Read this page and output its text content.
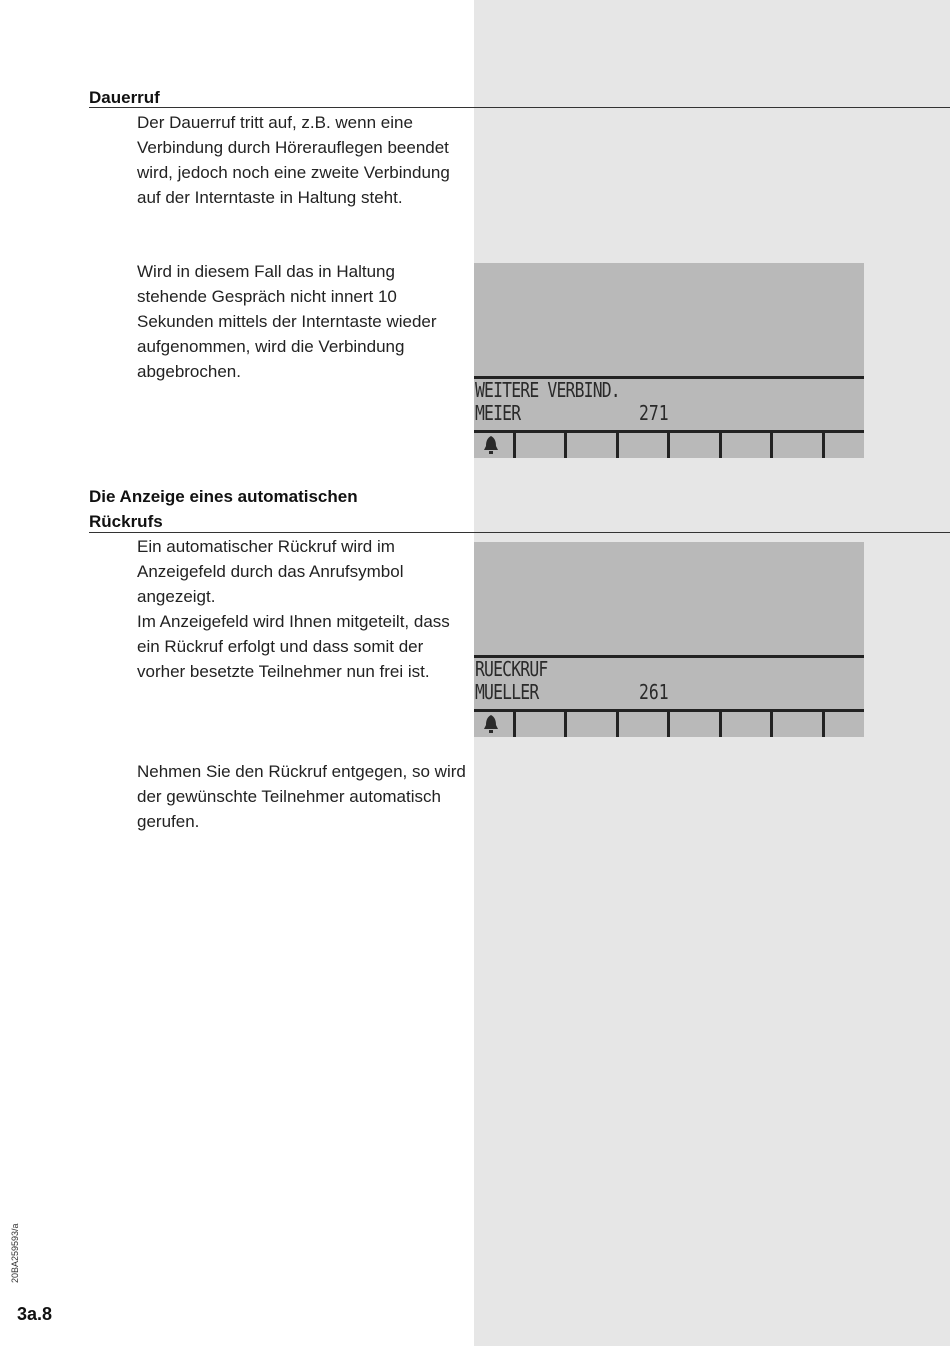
Dauerruf

Der Dauerruf tritt auf, z.B. wenn eine Verbindung durch Hörerauflegen beendet wird, jedoch noch eine zweite Verbindung auf der Interntaste in Haltung steht.

Wird in diesem Fall das in Haltung stehende Gespräch nicht innert 10 Sekunden mittels der Interntaste wieder aufgenommen, wird die Verbindung abgebrochen.

WEITERE VERBIND.
MEIER	271
Die Anzeige eines automatischen
Rückrufs

Ein automatischer Rückruf wird im Anzeigefeld durch das Anrufsymbol angezeigt.

Im Anzeigefeld wird Ihnen mitgeteilt, dass ein Rückruf erfolgt und dass somit der vorher besetzte Teilnehmer nun frei ist.

Nehmen Sie den Rückruf entgegen, so wird der gewünschte Teilnehmer automatisch gerufen.

RUECKRUF
MUELLER	261
20BA259593/a
3a.8
